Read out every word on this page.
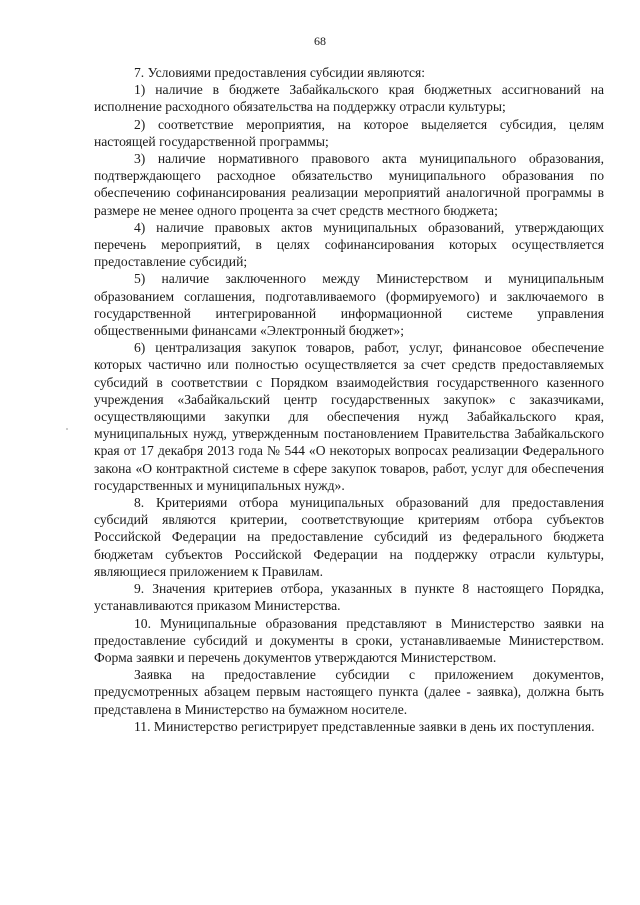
68

7. Условиями предоставления субсидии являются:

1) наличие в бюджете Забайкальского края бюджетных ассигнований на исполнение расходного обязательства на поддержку отрасли культуры;

2) соответствие мероприятия, на которое выделяется субсидия, целям настоящей государственной программы;

3) наличие нормативного правового акта муниципального образования, подтверждающего расходное обязательство муниципального образования по обеспечению софинансирования реализации мероприятий аналогичной программы в размере не менее одного процента за счет средств местного бюджета;

4) наличие правовых актов муниципальных образований, утверждающих перечень мероприятий, в целях софинансирования которых осуществляется предоставление субсидий;

5) наличие заключенного между Министерством и муниципальным образованием соглашения, подготавливаемого (формируемого) и заключаемого в государственной интегрированной информационной системе управления общественными финансами «Электронный бюджет»;

6) централизация закупок товаров, работ, услуг, финансовое обеспечение которых частично или полностью осуществляется за счет средств предоставляемых субсидий в соответствии с Порядком взаимодействия государственного казенного учреждения «Забайкальский центр государственных закупок» с заказчиками, осуществляющими закупки для обеспечения нужд Забайкальского края, муниципальных нужд, утвержденным постановлением Правительства Забайкальского края от 17 декабря 2013 года № 544 «О некоторых вопросах реализации Федерального закона «О контрактной системе в сфере закупок товаров, работ, услуг для обеспечения государственных и муниципальных нужд».

8. Критериями отбора муниципальных образований для предоставления субсидий являются критерии, соответствующие критериям отбора субъектов Российской Федерации на предоставление субсидий из федерального бюджета бюджетам субъектов Российской Федерации на поддержку отрасли культуры, являющиеся приложением к Правилам.

9. Значения критериев отбора, указанных в пункте 8 настоящего Порядка, устанавливаются приказом Министерства.

10. Муниципальные образования представляют в Министерство заявки на предоставление субсидий и документы в сроки, устанавливаемые Министерством. Форма заявки и перечень документов утверждаются Министерством.

Заявка на предоставление субсидии с приложением документов, предусмотренных абзацем первым настоящего пункта (далее - заявка), должна быть представлена в Министерство на бумажном носителе.

11. Министерство регистрирует представленные заявки в день их поступления.
